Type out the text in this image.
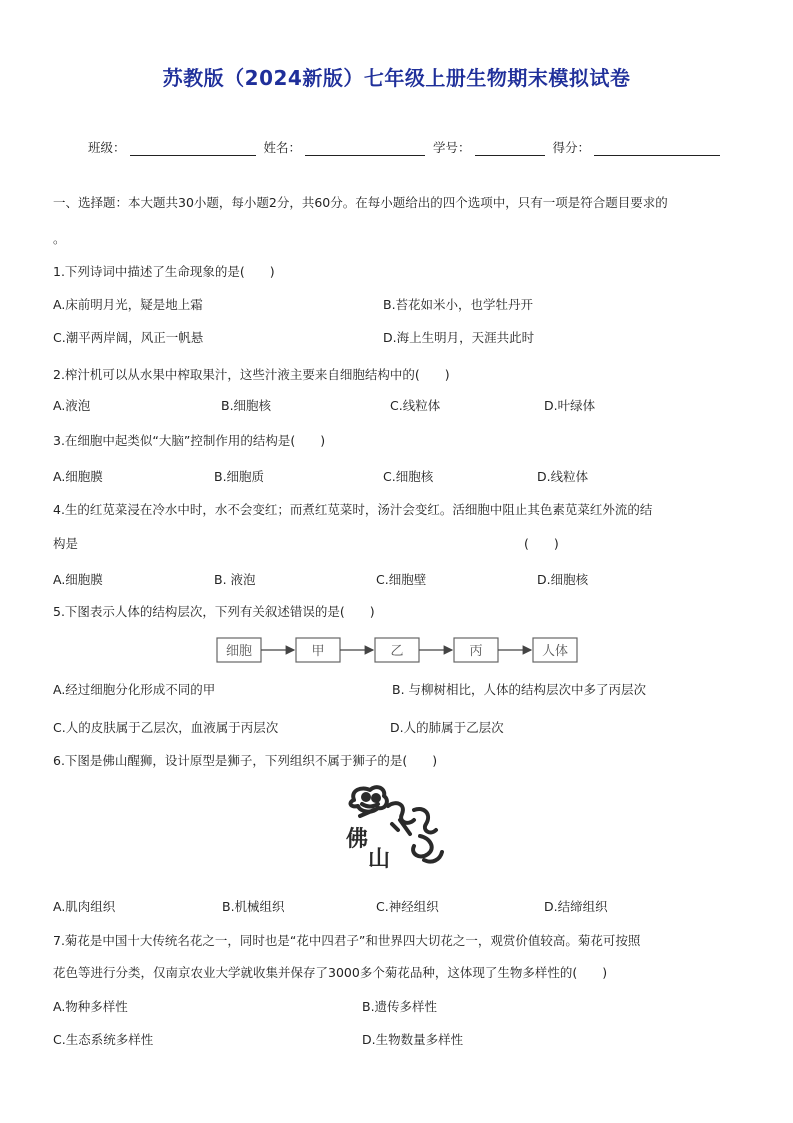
苏教版（2024新版）七年级上册生物期末模拟试卷
班级：	姓名：	学号：	得分：
一、选择题：本大题共30小题，每小题2分，共60分。在每小题给出的四个选项中，只有一项是符合题目要求的
。
1.下列诗词中描述了生命现象的是(　　)
A.床前明月光，疑是地上霜	B.苔花如米小，也学牡丹开
C.潮平两岸阔，风正一帆悬	D.海上生明月，天涯共此时
2.榨汁机可以从水果中榨取果汁，这些汁液主要来自细胞结构中的(　　)
A.液泡	B.细胞核	C.线粒体	D.叶绿体
3.在细胞中起类似“大脑”控制作用的结构是(　　)
A.细胞膜	B.细胞质	C.细胞核	D.线粒体
4.生的红苋菜浸在冷水中时，水不会变红；而煮红苋菜时，汤汁会变红。活细胞中阻止其色素苋菜红外流的结
构是	(　　)
A.细胞膜	B. 液泡	C.细胞壁	D.细胞核
5.下图表示人体的结构层次，下列有关叙述错误的是(　　)
细胞	甲	乙	丙	人体
A.经过细胞分化形成不同的甲	B. 与柳树相比，人体的结构层次中多了丙层次
C.人的皮肤属于乙层次，血液属于丙层次	D.人的肺属于乙层次
6.下图是佛山醒狮，设计原型是狮子，下列组织不属于狮子的是(　　)
佛
山
A.肌肉组织	B.机械组织	C.神经组织	D.结缔组织
7.菊花是中国十大传统名花之一，同时也是“花中四君子”和世界四大切花之一，观赏价值较高。菊花可按照
花色等进行分类，仅南京农业大学就收集并保存了3000多个菊花品种，这体现了生物多样性的(　　)
A.物种多样性	B.遗传多样性
C.生态系统多样性	D.生物数量多样性
